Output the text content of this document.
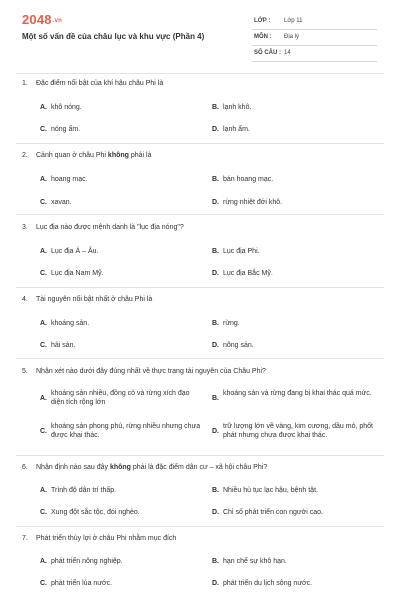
2048.vn
Một số vấn đề của châu lục và khu vực (Phần 4)
LỚP : Lớp 11
MÔN : Địa lý
SỐ CÂU : 14
1. Đặc điểm nổi bật của khí hậu châu Phi là
A. khô nóng.	B. lạnh khô.
C. nóng ẩm.	D. lạnh ẩm.
2. Cảnh quan ở châu Phi không phải là
A. hoang mạc.	B. bán hoang mạc.
C. xavan.	D. rừng nhiệt đới khô.
3. Lục địa nào được mệnh danh là "lục địa nóng"?
A. Lục địa Á – Âu.	B. Lục địa Phi.
C. Lục địa Nam Mỹ.	D. Lục địa Bắc Mỹ.
4. Tài nguyên nổi bật nhất ở châu Phi là
A. khoáng sản.	B. rừng.
C. hải sản.	D. nông sản.
5. Nhận xét nào dưới đây đúng nhất về thực trạng tài nguyên của Châu Phi?
A.
khoáng sản nhiều, đồng cỏ và rừng xích đạo diện tích rộng lớn
B.
khoáng sản và rừng đang bị khai thác quá mức.
C.
khoáng sản phong phú, rừng nhiều nhưng chưa được khai thác.
D.
trữ lượng lớn về vàng, kim cương, dầu mỏ, phốt phát nhưng chưa được khai thác.
6. Nhận định nào sau đây không phải là đặc điểm dân cư – xã hội châu Phi?
A. Trình độ dân trí thấp.	B. Nhiều hủ tục lạc hậu, bệnh tật.
C. Xung đột sắc tộc, đói nghèo.	D. Chỉ số phát triển con người cao.
7. Phát triển thủy lợi ở châu Phi nhằm mục đích
A. phát triển nông nghiệp.	B. hạn chế sự khô hạn.
C. phát triển lúa nước.	D. phát triển du lịch sông nước.
